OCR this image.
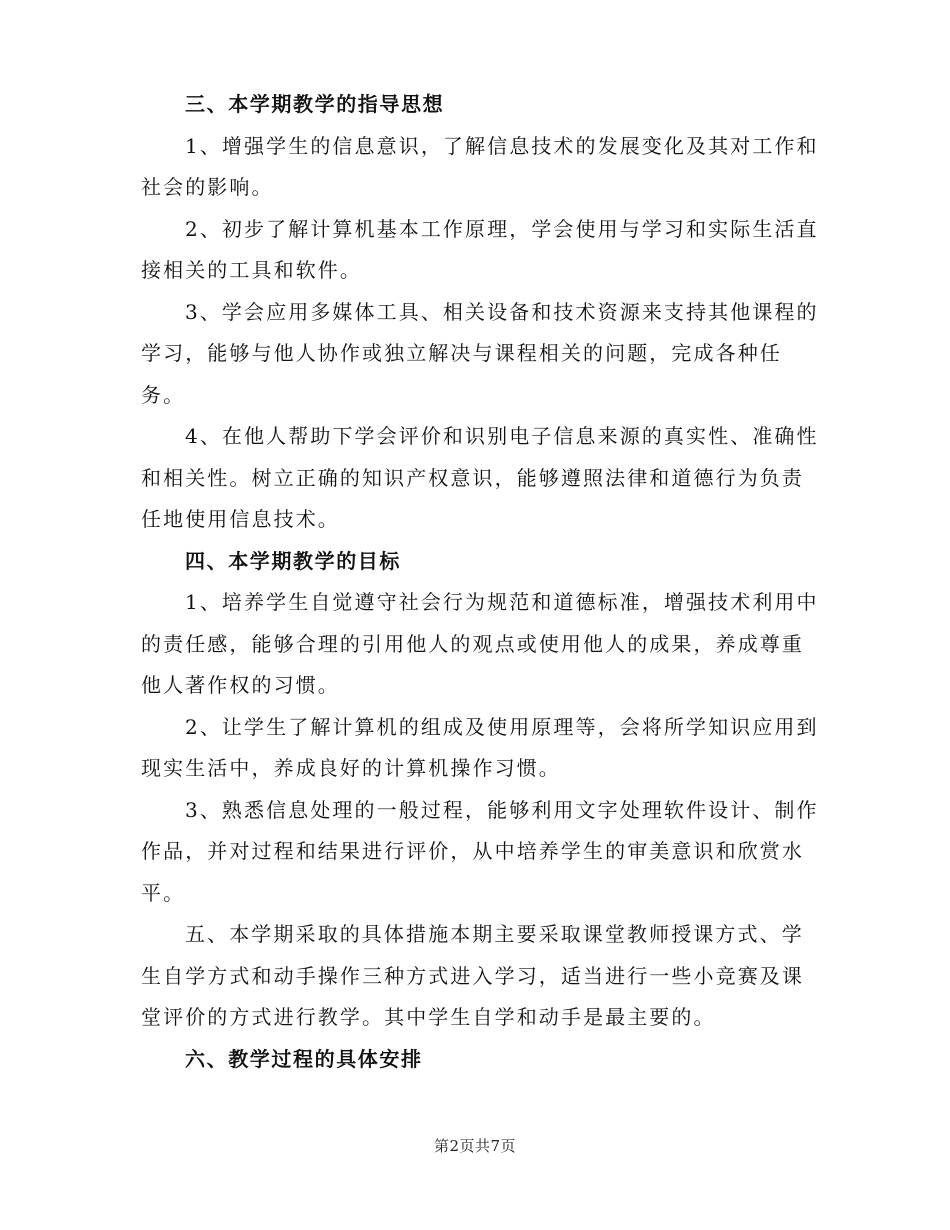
三、本学期教学的指导思想
1、增强学生的信息意识，了解信息技术的发展变化及其对工作和
社会的影响。
2、初步了解计算机基本工作原理，学会使用与学习和实际生活直
接相关的工具和软件。
3、学会应用多媒体工具、相关设备和技术资源来支持其他课程的
学习，能够与他人协作或独立解决与课程相关的问题，完成各种任
务。
4、在他人帮助下学会评价和识别电子信息来源的真实性、准确性
和相关性。树立正确的知识产权意识，能够遵照法律和道德行为负责
任地使用信息技术。
四、本学期教学的目标
1、培养学生自觉遵守社会行为规范和道德标准，增强技术利用中
的责任感，能够合理的引用他人的观点或使用他人的成果，养成尊重
他人著作权的习惯。
2、让学生了解计算机的组成及使用原理等，会将所学知识应用到
现实生活中，养成良好的计算机操作习惯。
3、熟悉信息处理的一般过程，能够利用文字处理软件设计、制作
作品，并对过程和结果进行评价，从中培养学生的审美意识和欣赏水
平。
五、本学期采取的具体措施本期主要采取课堂教师授课方式、学
生自学方式和动手操作三种方式进入学习，适当进行一些小竞赛及课
堂评价的方式进行教学。其中学生自学和动手是最主要的。
六、教学过程的具体安排
第2页共7页
